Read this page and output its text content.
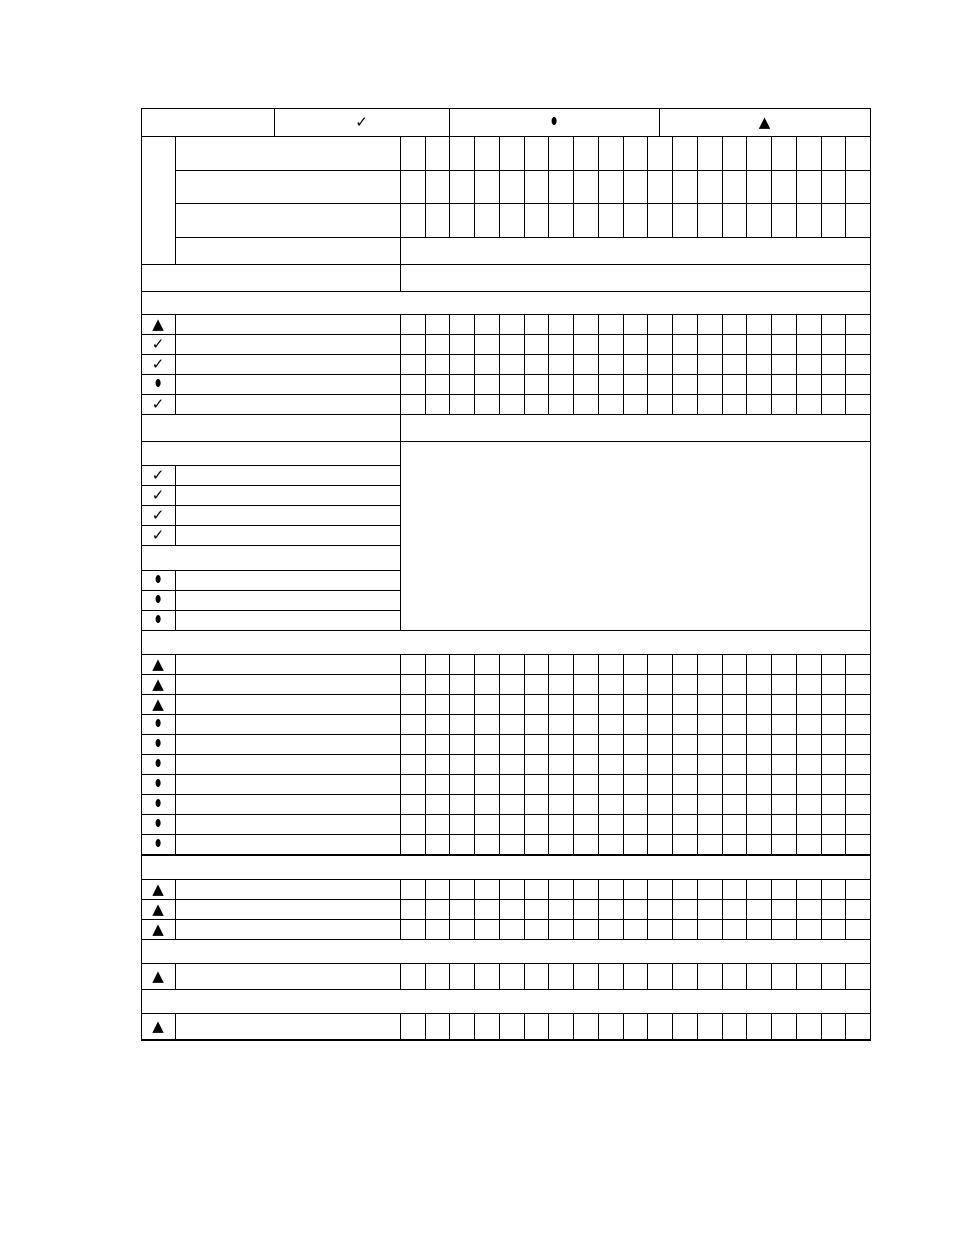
✓	⬮	▲
▲
✓
✓
⬮
✓
✓
✓
✓
✓
⬮
⬮
⬮
▲
▲
▲
⬮
⬮
⬮
⬮
⬮
⬮
⬮
▲
▲
▲
▲
▲
